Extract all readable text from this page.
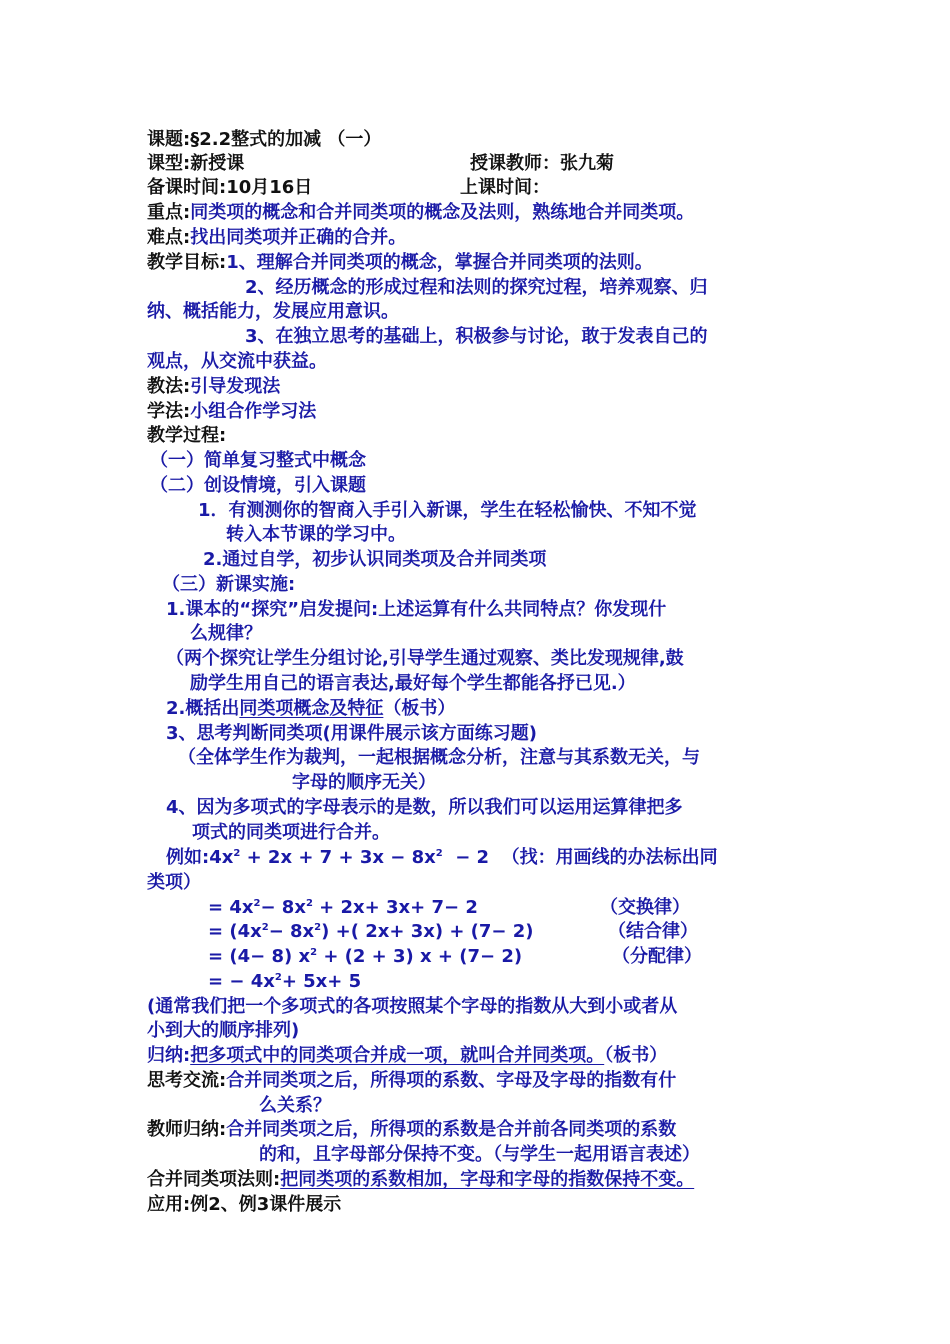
课题:§2.2整式的加减 （一）
课型:新授课	授课教师：张九菊
备课时间:10月16日	上课时间：
重点:同类项的概念和合并同类项的概念及法则，熟练地合并同类项。
难点:找出同类项并正确的合并。
教学目标:1、理解合并同类项的概念，掌握合并同类项的法则。
2、经历概念的形成过程和法则的探究过程，培养观察、归
纳、概括能力，发展应用意识。
3、在独立思考的基础上，积极参与讨论，敢于发表自己的
观点，从交流中获益。
教法:引导发现法
学法:小组合作学习法
教学过程:
（一）简单复习整式中概念
（二）创设情境，引入课题
1．有测测你的智商入手引入新课，学生在轻松愉快、不知不觉
转入本节课的学习中。
2.通过自学，初步认识同类项及合并同类项
（三）新课实施:
1.课本的“探究”启发提问:上述运算有什么共同特点？你发现什
么规律？
（两个探究让学生分组讨论,引导学生通过观察、类比发现规律,鼓
励学生用自己的语言表达,最好每个学生都能各抒已见.）
2.概括出同类项概念及特征（板书）
3、思考判断同类项(用课件展示该方面练习题)
（全体学生作为裁判，一起根据概念分析，注意与其系数无关，与
字母的顺序无关）
4、因为多项式的字母表示的是数，所以我们可以运用运算律把多
项式的同类项进行合并。
例如$:4x^2 + 2x + 7 + 3x - 8x^2 - 2$  （找：用画线的办法标出同
类项）
= $4x^2- 8x^2 + 2x+ 3x+ 7- 2$	（交换律）
= $(4x^2- 8x^2)$ +( 2x+ 3x) + (7− 2)	（结合律）
= (4− 8) $x^2 + (2 + 3) x + (7- 2)$	（分配律）
= − $4x^2+ 5x+ 5$
(通常我们把一个多项式的各项按照某个字母的指数从大到小或者从
小到大的顺序排列)
归纳:把多项式中的同类项合并成一项，就叫合并同类项。（板书）
思考交流:合并同类项之后，所得项的系数、字母及字母的指数有什
么关系？
教师归纳:合并同类项之后，所得项的系数是合并前各同类项的系数
的和，且字母部分保持不变。（与学生一起用语言表述）
合并同类项法则:把同类项的系数相加，字母和字母的指数保持不变。
应用:例2、例3课件展示
